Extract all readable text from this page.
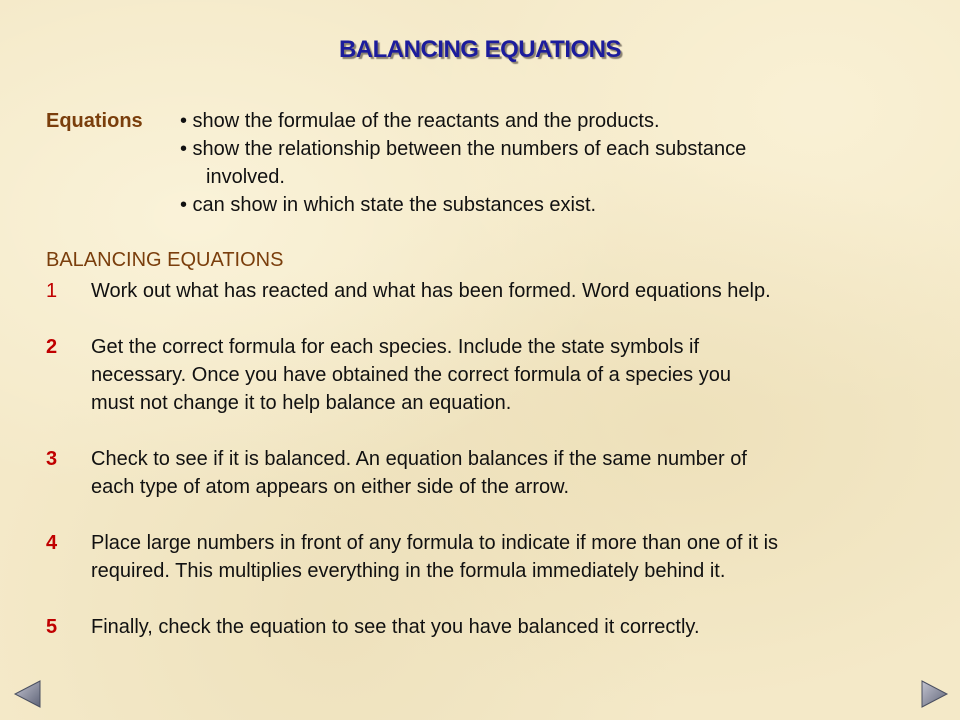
BALANCING EQUATIONS
Equations • show the formulae of the reactants and the products.
• show the relationship between the numbers of each substance
involved.
• can show in which state the substances exist.
BALANCING EQUATIONS
1	Work out what has reacted and what has been formed. Word equations help.
2	Get the correct formula for each species. Include the state symbols if
necessary. Once you have obtained the correct formula of a species you
must not change it to help balance an equation.
3	Check to see if it is balanced. An equation balances if the same number of
each type of atom appears on either side of the arrow.
4	Place large numbers in front of any formula to indicate if more than one of it is
required. This multiplies everything in the formula immediately behind it.
5	Finally, check the equation to see that you have balanced it correctly.
